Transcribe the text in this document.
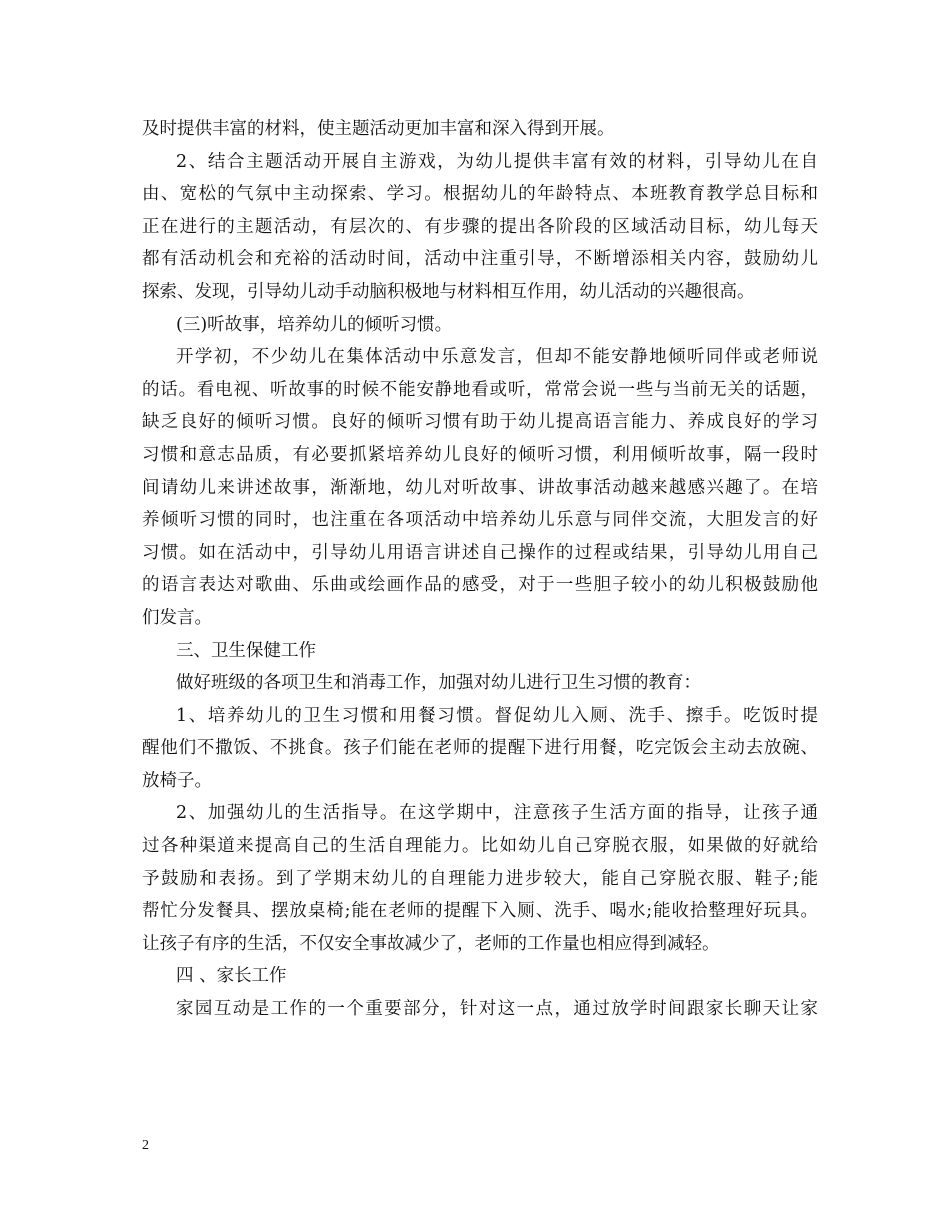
及时提供丰富的材料，使主题活动更加丰富和深入得到开展。
2、结合主题活动开展自主游戏，为幼儿提供丰富有效的材料，引导幼儿在自
由、宽松的气氛中主动探索、学习。根据幼儿的年龄特点、本班教育教学总目标和
正在进行的主题活动，有层次的、有步骤的提出各阶段的区域活动目标，幼儿每天
都有活动机会和充裕的活动时间，活动中注重引导，不断增添相关内容，鼓励幼儿
探索、发现，引导幼儿动手动脑积极地与材料相互作用，幼儿活动的兴趣很高。
(三)听故事，培养幼儿的倾听习惯。
开学初，不少幼儿在集体活动中乐意发言，但却不能安静地倾听同伴或老师说
的话。看电视、听故事的时候不能安静地看或听，常常会说一些与当前无关的话题，
缺乏良好的倾听习惯。良好的倾听习惯有助于幼儿提高语言能力、养成良好的学习
习惯和意志品质，有必要抓紧培养幼儿良好的倾听习惯，利用倾听故事，隔一段时
间请幼儿来讲述故事，渐渐地，幼儿对听故事、讲故事活动越来越感兴趣了。在培
养倾听习惯的同时，也注重在各项活动中培养幼儿乐意与同伴交流，大胆发言的好
习惯。如在活动中，引导幼儿用语言讲述自己操作的过程或结果，引导幼儿用自己
的语言表达对歌曲、乐曲或绘画作品的感受，对于一些胆子较小的幼儿积极鼓励他
们发言。
三、卫生保健工作
做好班级的各项卫生和消毒工作，加强对幼儿进行卫生习惯的教育：
1、培养幼儿的卫生习惯和用餐习惯。督促幼儿入厕、洗手、擦手。吃饭时提
醒他们不撒饭、不挑食。孩子们能在老师的提醒下进行用餐，吃完饭会主动去放碗、
放椅子。
2、加强幼儿的生活指导。在这学期中，注意孩子生活方面的指导，让孩子通
过各种渠道来提高自己的生活自理能力。比如幼儿自己穿脱衣服，如果做的好就给
予鼓励和表扬。到了学期末幼儿的自理能力进步较大，能自己穿脱衣服、鞋子;能
帮忙分发餐具、摆放桌椅;能在老师的提醒下入厕、洗手、喝水;能收拾整理好玩具。
让孩子有序的生活，不仅安全事故减少了，老师的工作量也相应得到减轻。
四 、家长工作
家园互动是工作的一个重要部分，针对这一点，通过放学时间跟家长聊天让家
2
